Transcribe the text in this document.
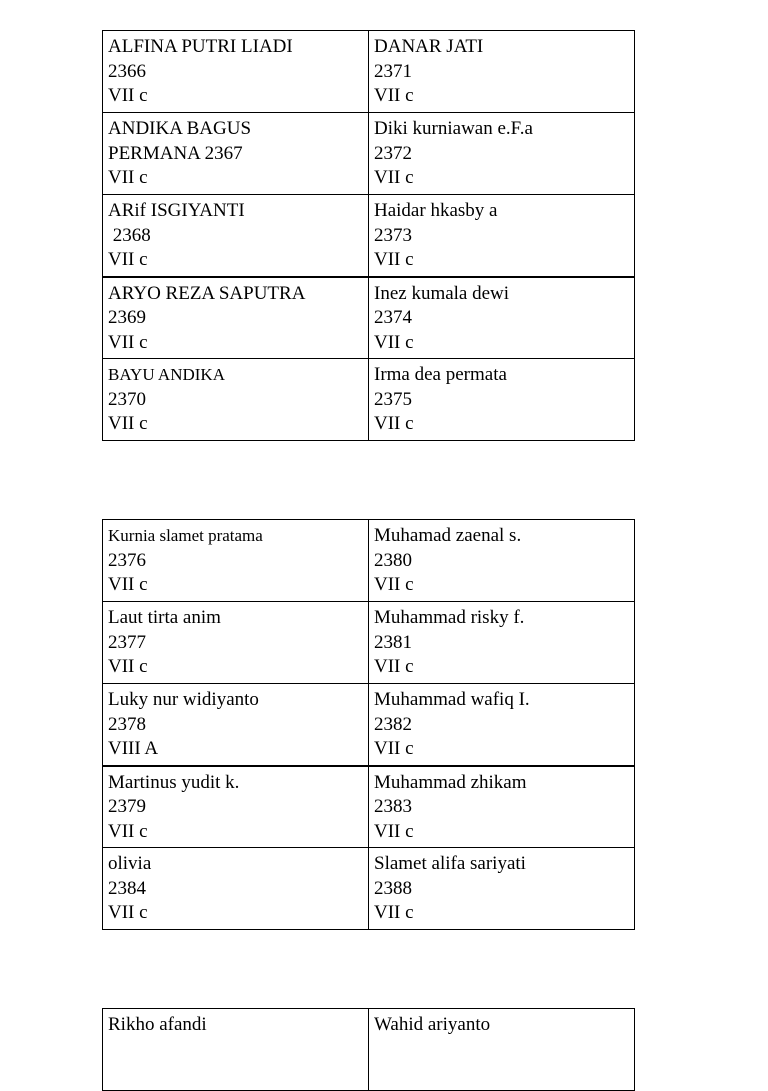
ALFINA PUTRI LIADI
2366
VII c	DANAR JATI
2371
VII c

ANDIKA BAGUS
PERMANA 2367
VII c	Diki kurniawan e.F.a
2372
VII c

ARif ISGIYANTI
2368
VII c	Haidar hkasby a
2373
VII c

ARYO REZA SAPUTRA
2369
VII c	Inez kumala dewi
2374
VII c

BAYU ANDIKA
2370
VII c	Irma dea permata
2375
VII c
Kurnia slamet pratama
2376
VII c	Muhamad zaenal s.
2380
VII c

Laut tirta anim
2377
VII c	Muhammad risky f.
2381
VII c

Luky nur widiyanto
2378
VIII A	Muhammad wafiq I.
2382
VII c

Martinus yudit k.
2379
VII c	Muhammad zhikam
2383
VII c

olivia
2384
VII c	Slamet alifa sariyati
2388
VII c
Rikho afandi	Wahid ariyanto
